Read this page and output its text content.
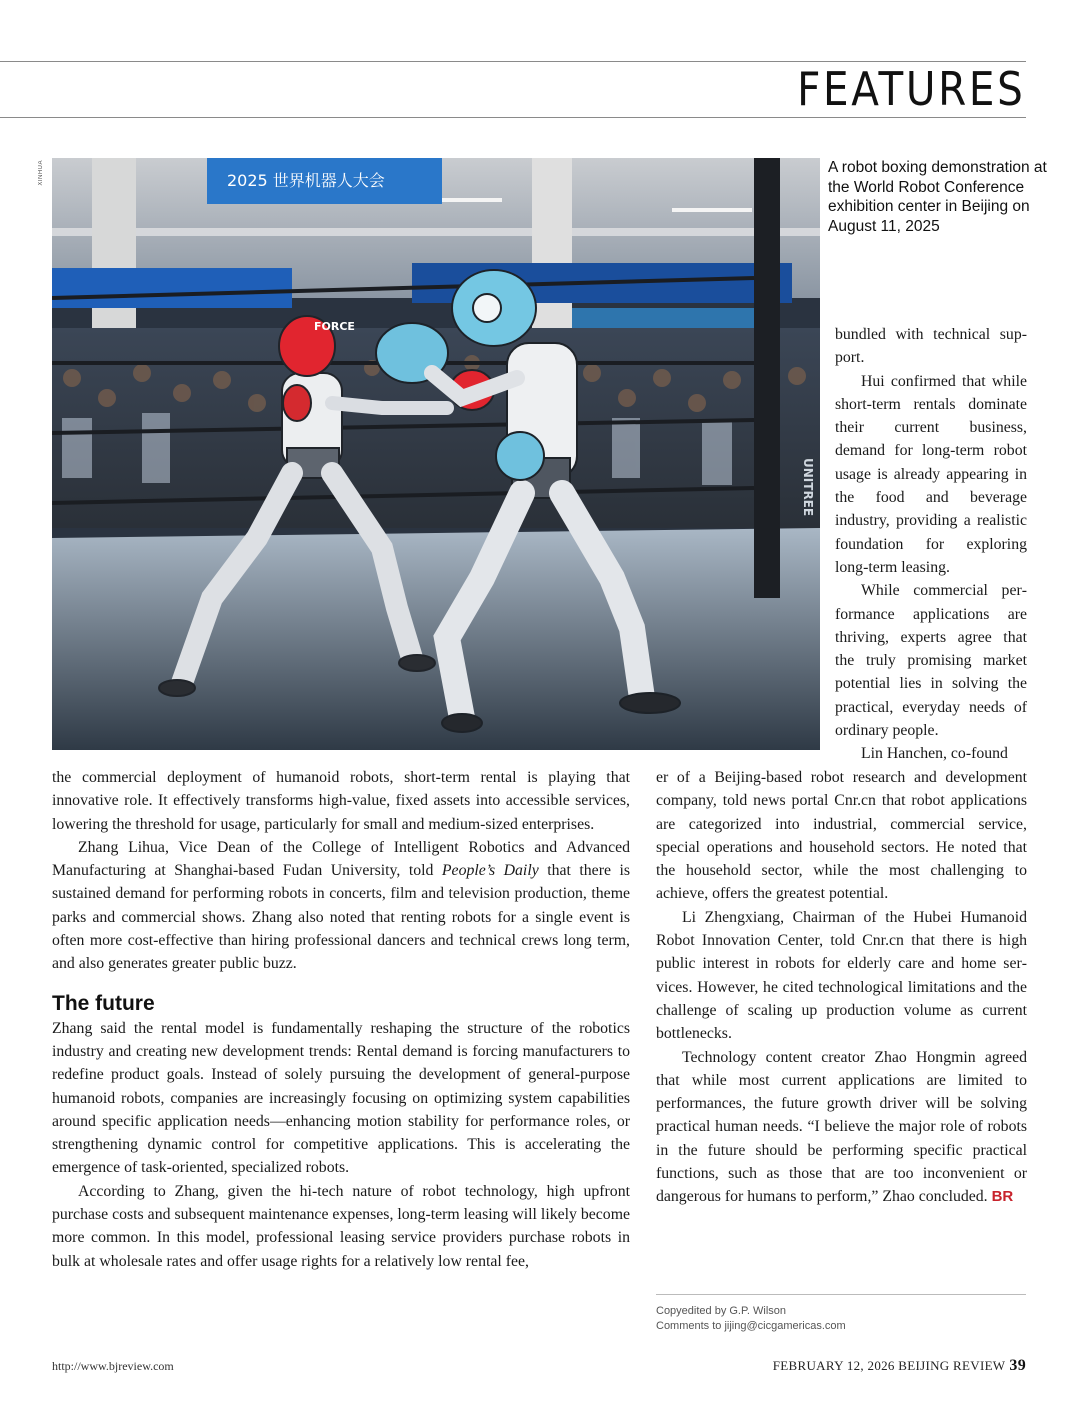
FEATURES
XINHUA	2025 世界机器人大会
UNITREE
FORCE
A robot boxing demonstration at the World Robot Conference exhibition center in Beijing on August 11, 2025

bundled with technical support.

Hui confirmed that while short-term rentals dominate their current business, demand for long-term robot usage is already appearing in the food and beverage industry, providing a realistic foundation for exploring long-term leasing.

While commercial performance applications are thriving, experts agree that the truly promising market potential lies in solving the practical, everyday needs of ordinary people.

Lin Hanchen, co-found

the commercial deployment of humanoid robots, short-term rental is playing that innovative role. It effectively transforms high-value, fixed assets into accessible services, lowering the threshold for usage, particularly for small and medium-sized enterprises.

Zhang Lihua, Vice Dean of the College of Intelligent Robotics and Advanced Manufacturing at Shanghai-based Fudan University, told People’s Daily that there is sustained demand for performing robots in concerts, film and television production, theme parks and commercial shows. Zhang also noted that renting robots for a single event is often more cost-effective than hiring professional dancers and technical crews long term, and also generates greater public buzz.

The future

Zhang said the rental model is fundamentally reshaping the structure of the robotics industry and creating new development trends: Rental demand is forcing manufacturers to redefine product goals. Instead of solely pursuing the development of general-purpose humanoid robots, companies are increasingly focusing on optimizing system capabilities around specific application needs—enhancing motion stability for performance roles, or strengthening dynamic control for competitive applications. This is accelerating the emergence of task-oriented, specialized robots.

According to Zhang, given the hi-tech nature of robot technology, high upfront purchase costs and subsequent maintenance expenses, long-term leasing will likely become more common. In this model, professional leasing service providers purchase robots in bulk at wholesale rates and offer usage rights for a relatively low rental fee,

er of a Beijing-based robot research and development company, told news portal Cnr.cn that robot applications are categorized into industrial, commercial service, special operations and household sectors. He noted that the household sector, while the most challenging to achieve, offers the greatest potential.

Li Zhengxiang, Chairman of the Hubei Humanoid Robot Innovation Center, told Cnr.cn that there is high public interest in robots for elderly care and home services. However, he cited technological limitations and the challenge of scaling up production volume as current bottlenecks.

Technology content creator Zhao Hongmin agreed that while most current applications are limited to performances, the future growth driver will be solving practical human needs. “I believe the major role of robots in the future should be performing specific practical functions, such as those that are too inconvenient or dangerous for humans to perform,” Zhao concluded. BR

Copyedited by G.P. Wilson
Comments to jijing@cicgamericas.com
http://www.bjreview.com	FEBRUARY 12, 2026 BEIJING REVIEW 39
